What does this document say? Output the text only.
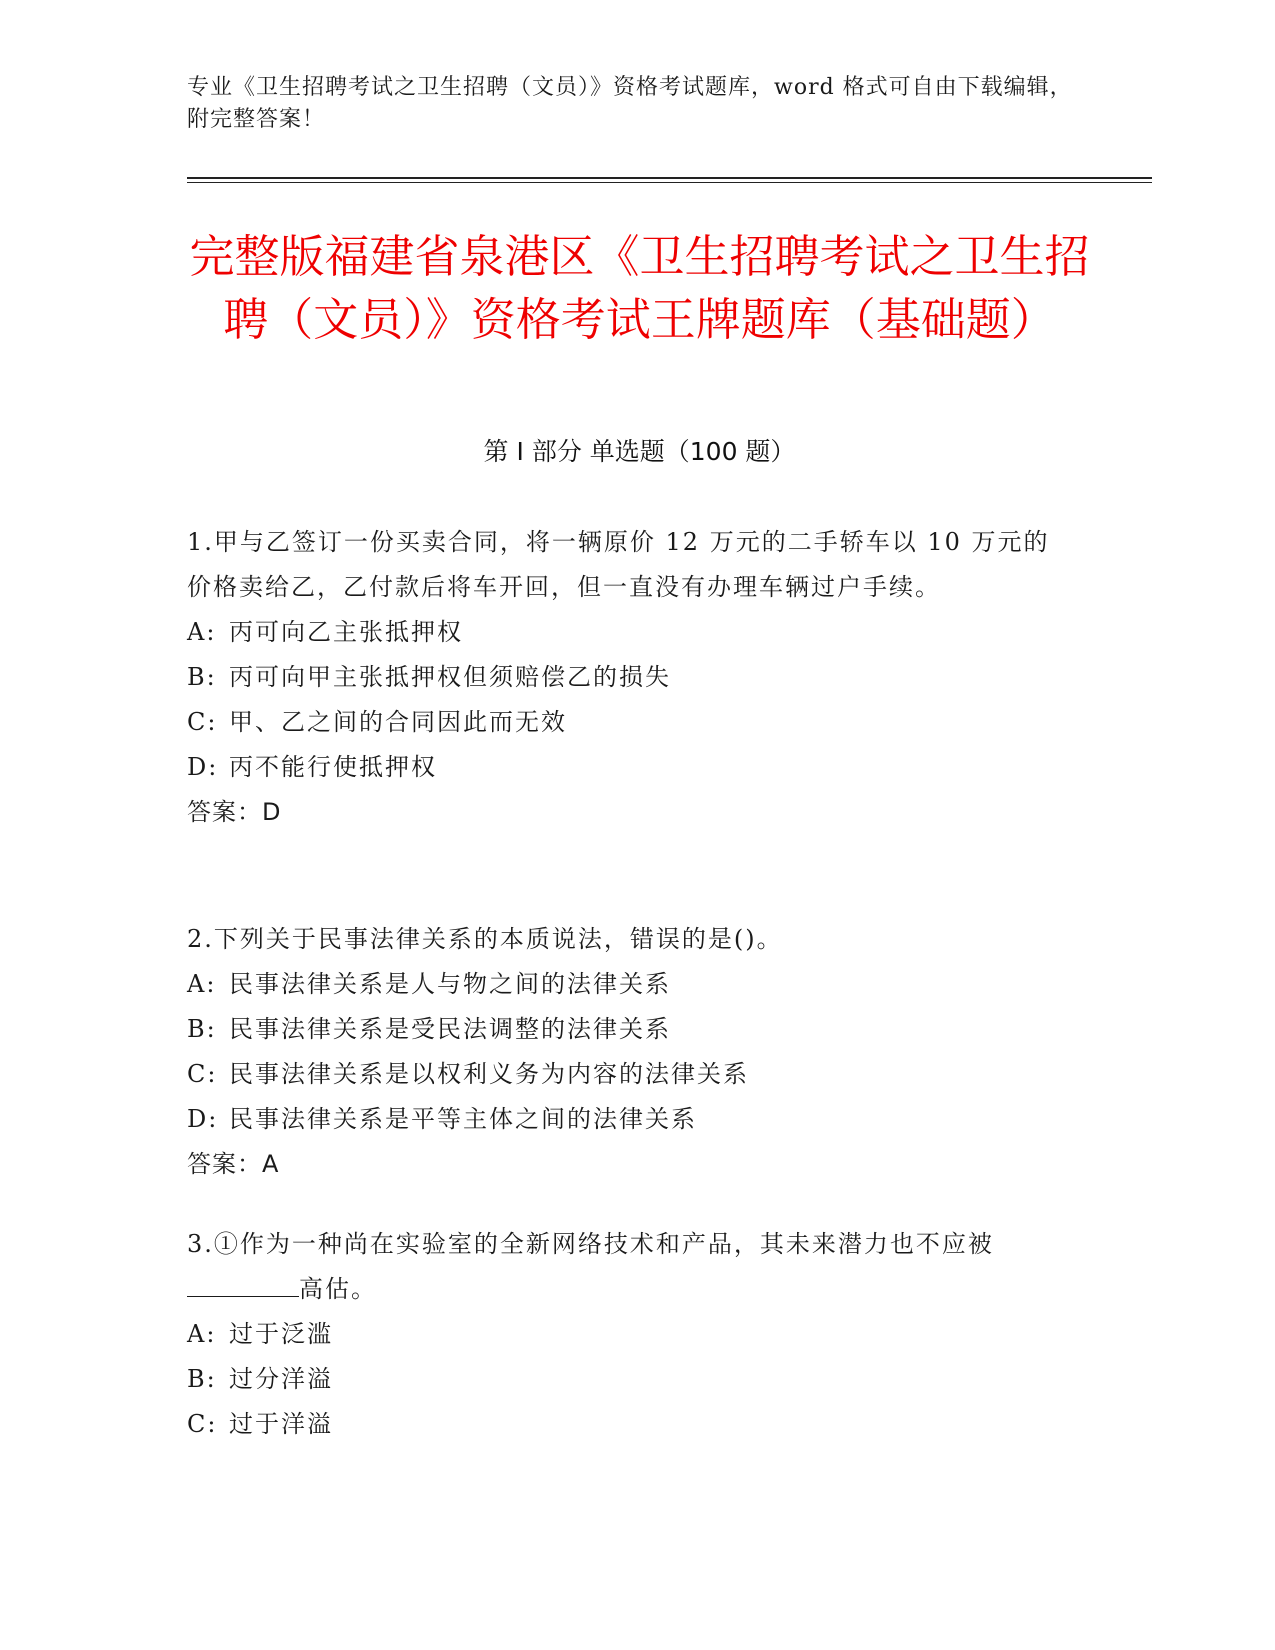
专业《卫生招聘考试之卫生招聘（文员）》资格考试题库，word 格式可自由下载编辑，附完整答案！
完整版福建省泉港区《卫生招聘考试之卫生招聘（文员）》资格考试王牌题库（基础题）
第 I 部分 单选题（100 题）
1.甲与乙签订一份买卖合同，将一辆原价 12 万元的二手轿车以 10 万元的价格卖给乙，乙付款后将车开回，但一直没有办理车辆过户手续。
A: 丙可向乙主张抵押权
B: 丙可向甲主张抵押权但须赔偿乙的损失
C: 甲、乙之间的合同因此而无效
D: 丙不能行使抵押权
答案：D
2.下列关于民事法律关系的本质说法，错误的是()。
A: 民事法律关系是人与物之间的法律关系
B: 民事法律关系是受民法调整的法律关系
C: 民事法律关系是以权利义务为内容的法律关系
D: 民事法律关系是平等主体之间的法律关系
答案：A
3.①作为一种尚在实验室的全新网络技术和产品，其未来潜力也不应被高估。
A: 过于泛滥
B: 过分洋溢
C: 过于洋溢
